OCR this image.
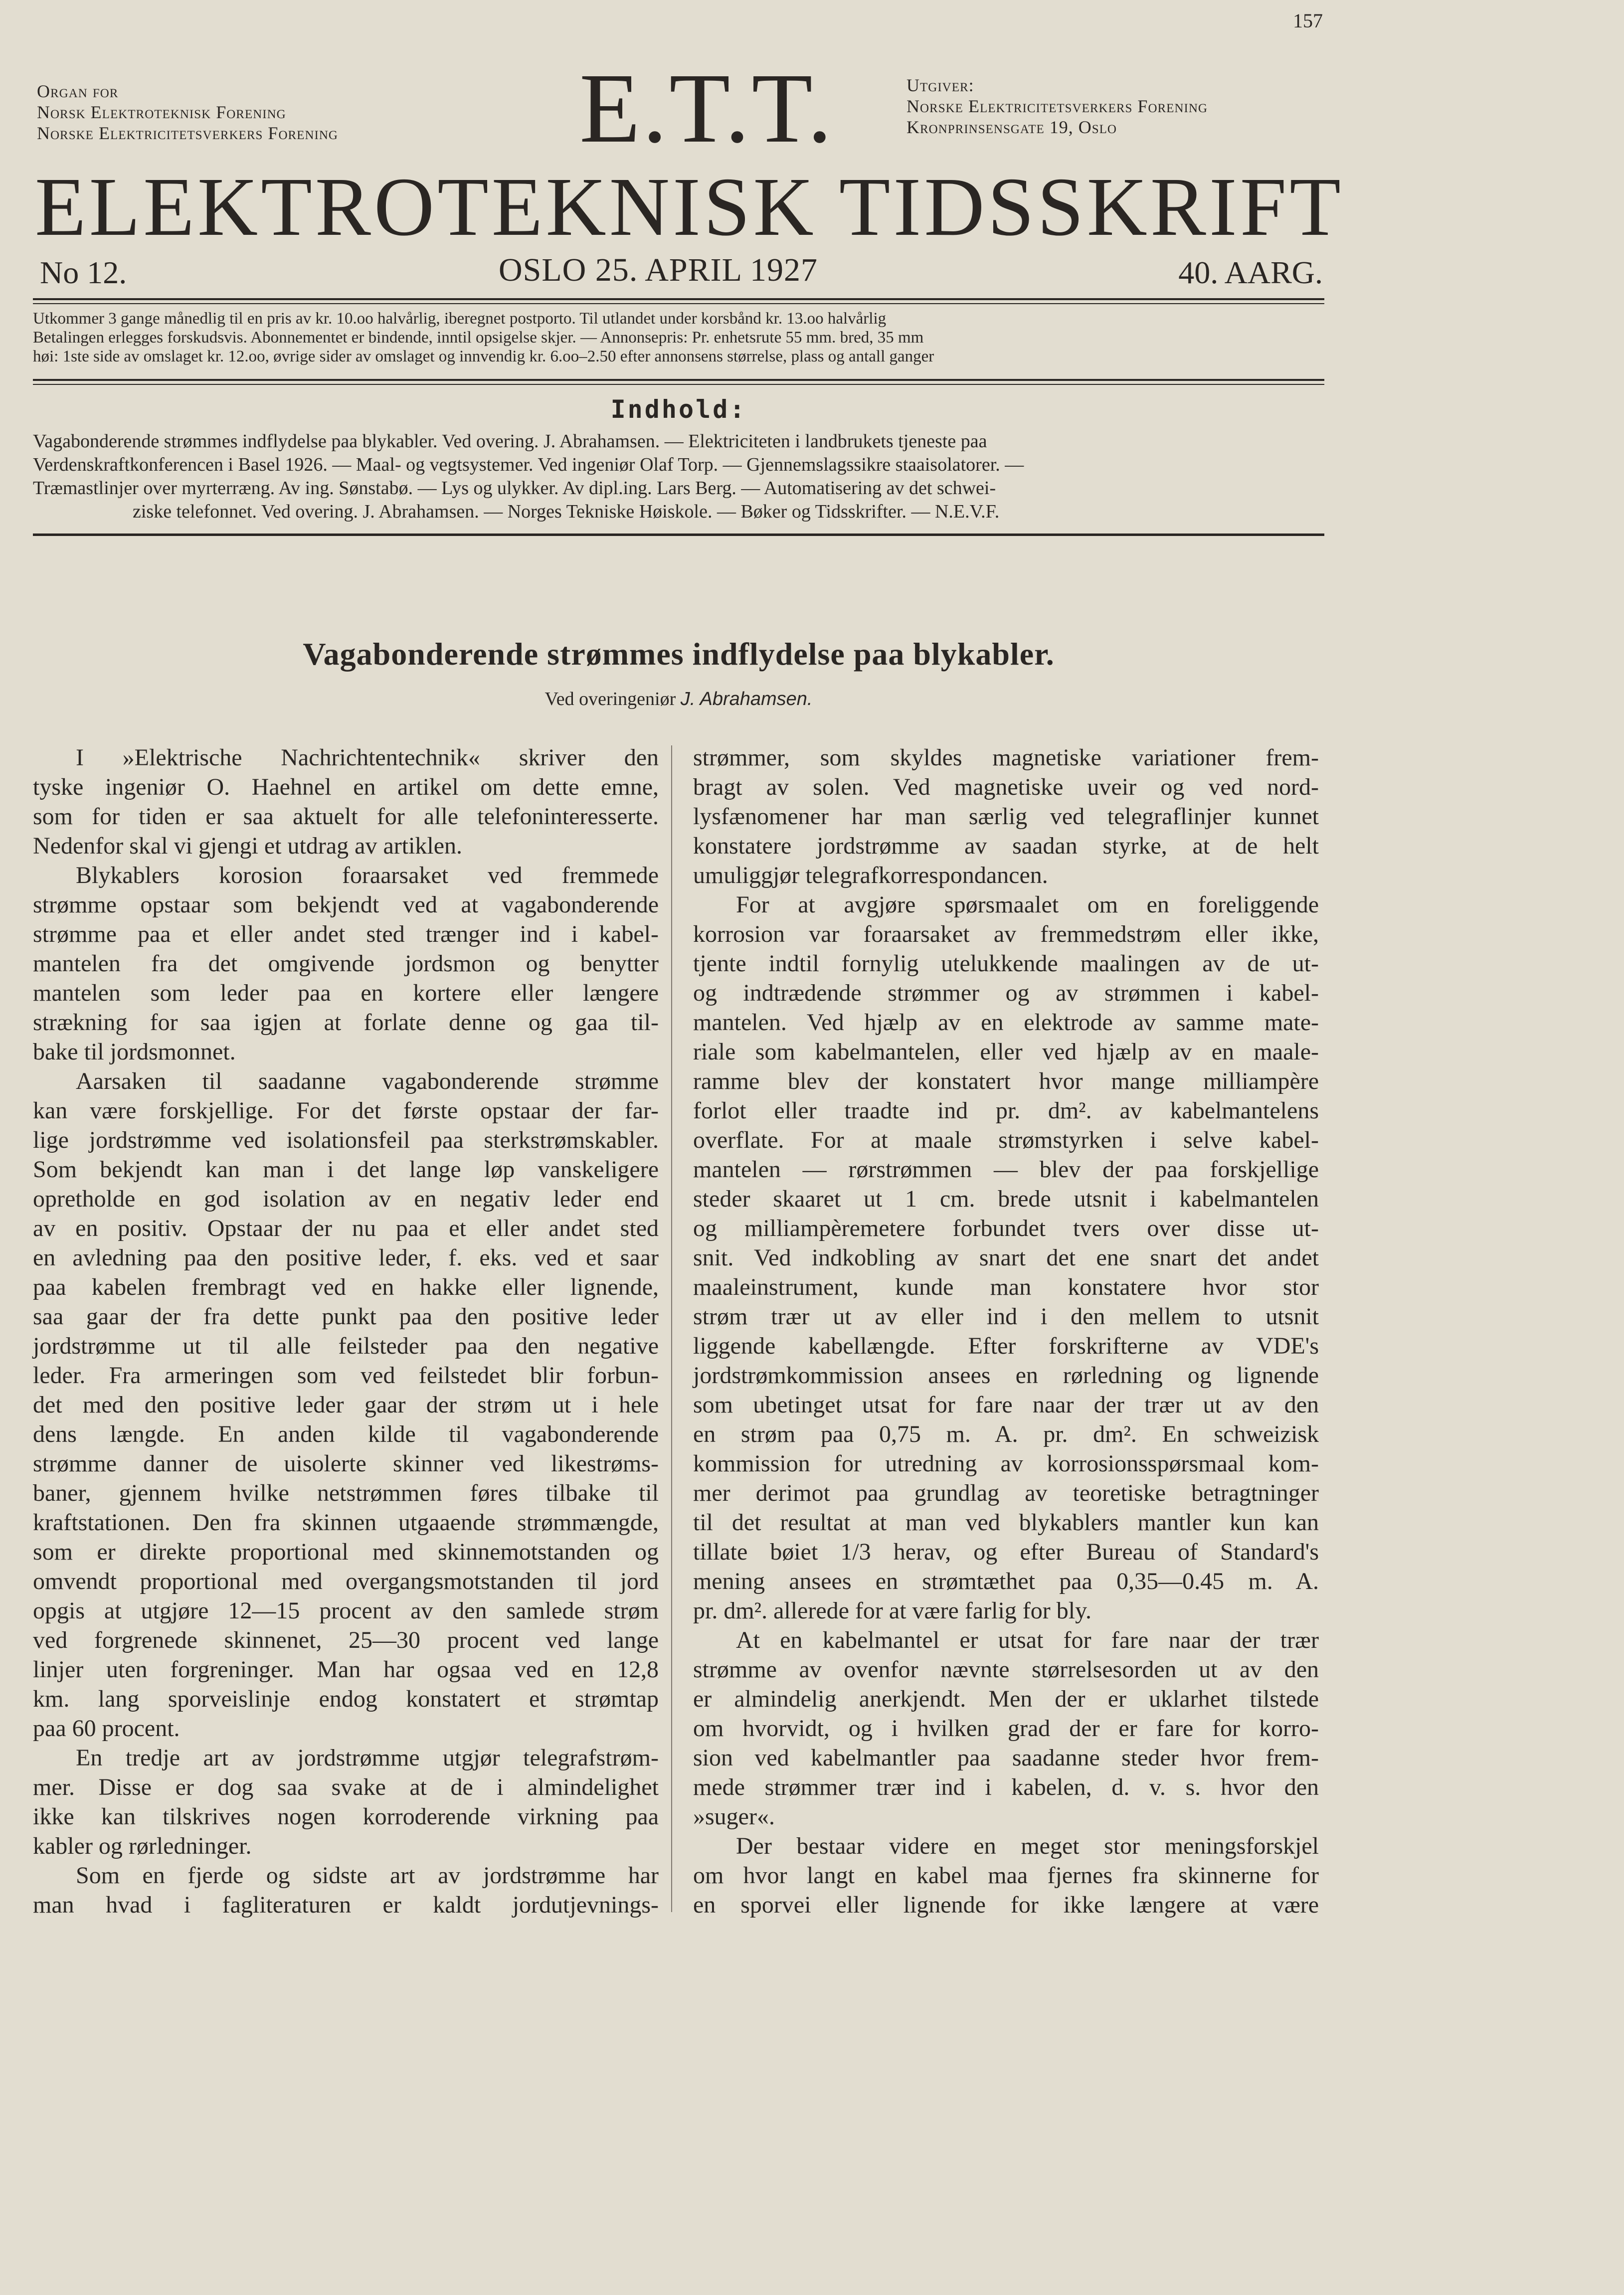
157
Organ for
Norsk Elektroteknisk Forening
Norske Elektricitetsverkers Forening E.T.T.	Utgiver:
Norske Elektricitetsverkers Forening
Kronprinsensgate 19, Oslo
ELEKTROTEKNISK TIDSSKRIFT
No 12.	OSLO 25. APRIL 1927	40. AARG.
Utkommer 3 gange månedlig til en pris av kr. 10.oo halvårlig, iberegnet postporto. Til utlandet under korsbånd kr. 13.oo halvårlig
Betalingen erlegges forskudsvis. Abonnementet er bindende, inntil opsigelse skjer. — Annonsepris: Pr. enhetsrute 55 mm. bred, 35 mm
høi: 1ste side av omslaget kr. 12.oo, øvrige sider av omslaget og innvendig kr. 6.oo–2.50 efter annonsens størrelse, plass og antall ganger
Indhold:
Vagabonderende strømmes indflydelse paa blykabler. Ved overing. J. Abrahamsen. — Elektriciteten i landbrukets tjeneste paa
Verdenskraftkonferencen i Basel 1926. — Maal- og vegtsystemer. Ved ingeniør Olaf Torp. — Gjennemslagssikre staaisolatorer. —
Træmastlinjer over myrterræng. Av ing. Sønstabø. — Lys og ulykker. Av dipl.ing. Lars Berg. — Automatisering av det schwei-
ziske telefonnet. Ved overing. J. Abrahamsen. — Norges Tekniske Høiskole. — Bøker og Tidsskrifter. — N.E.V.F.
Vagabonderende strømmes indflydelse paa blykabler.
Ved overingeniør J. Abrahamsen.
I »Elektrische Nachrichtentechnik« skriver den
tyske ingeniør O. Haehnel en artikel om dette emne,
som for tiden er saa aktuelt for alle telefoninteresserte.
Nedenfor skal vi gjengi et utdrag av artiklen.
Blykablers korosion foraarsaket ved fremmede
strømme opstaar som bekjendt ved at vagabonderende
strømme paa et eller andet sted trænger ind i kabel-
mantelen fra det omgivende jordsmon og benytter
mantelen som leder paa en kortere eller længere
strækning for saa igjen at forlate denne og gaa til-
bake til jordsmonnet.
Aarsaken til saadanne vagabonderende strømme
kan være forskjellige. For det første opstaar der far-
lige jordstrømme ved isolationsfeil paa sterkstrømskabler.
Som bekjendt kan man i det lange løp vanskeligere
opretholde en god isolation av en negativ leder end
av en positiv. Opstaar der nu paa et eller andet sted
en avledning paa den positive leder, f. eks. ved et saar
paa kabelen frembragt ved en hakke eller lignende,
saa gaar der fra dette punkt paa den positive leder
jordstrømme ut til alle feilsteder paa den negative
leder. Fra armeringen som ved feilstedet blir forbun-
det med den positive leder gaar der strøm ut i hele
dens længde. En anden kilde til vagabonderende
strømme danner de uisolerte skinner ved likestrøms-
baner, gjennem hvilke netstrømmen føres tilbake til
kraftstationen. Den fra skinnen utgaaende strømmængde,
som er direkte proportional med skinnemotstanden og
omvendt proportional med overgangsmotstanden til jord
opgis at utgjøre 12—15 procent av den samlede strøm
ved forgrenede skinnenet, 25—30 procent ved lange
linjer uten forgreninger. Man har ogsaa ved en 12,8
km. lang sporveislinje endog konstatert et strømtap
paa 60 procent.
En tredje art av jordstrømme utgjør telegrafstrøm-
mer. Disse er dog saa svake at de i almindelighet
ikke kan tilskrives nogen korroderende virkning paa
kabler og rørledninger.
Som en fjerde og sidste art av jordstrømme har
man hvad i fagliteraturen er kaldt jordutjevnings-
strømmer, som skyldes magnetiske variationer frem-
bragt av solen. Ved magnetiske uveir og ved nord-
lysfænomener har man særlig ved telegraflinjer kunnet
konstatere jordstrømme av saadan styrke, at de helt
umuliggjør telegrafkorrespondancen.
For at avgjøre spørsmaalet om en foreliggende
korrosion var foraarsaket av fremmedstrøm eller ikke,
tjente indtil fornylig utelukkende maalingen av de ut-
og indtrædende strømmer og av strømmen i kabel-
mantelen. Ved hjælp av en elektrode av samme mate-
riale som kabelmantelen, eller ved hjælp av en maale-
ramme blev der konstatert hvor mange milliampère
forlot eller traadte ind pr. dm². av kabelmantelens
overflate. For at maale strømstyrken i selve kabel-
mantelen — rørstrømmen — blev der paa forskjellige
steder skaaret ut 1 cm. brede utsnit i kabelmantelen
og milliampèremetere forbundet tvers over disse ut-
snit. Ved indkobling av snart det ene snart det andet
maaleinstrument, kunde man konstatere hvor stor
strøm trær ut av eller ind i den mellem to utsnit
liggende kabellængde. Efter forskrifterne av VDE's
jordstrømkommission ansees en rørledning og lignende
som ubetinget utsat for fare naar der trær ut av den
en strøm paa 0,75 m. A. pr. dm². En schweizisk
kommission for utredning av korrosionsspørsmaal kom-
mer derimot paa grundlag av teoretiske betragtninger
til det resultat at man ved blykablers mantler kun kan
tillate bøiet 1/3 herav, og efter Bureau of Standard's
mening ansees en strømtæthet paa 0,35—0.45 m. A.
pr. dm². allerede for at være farlig for bly.
At en kabelmantel er utsat for fare naar der trær
strømme av ovenfor nævnte størrelsesorden ut av den
er almindelig anerkjendt. Men der er uklarhet tilstede
om hvorvidt, og i hvilken grad der er fare for korro-
sion ved kabelmantler paa saadanne steder hvor frem-
mede strømmer trær ind i kabelen, d. v. s. hvor den
»suger«.
Der bestaar videre en meget stor meningsforskjel
om hvor langt en kabel maa fjernes fra skinnerne for
en sporvei eller lignende for ikke længere at være
